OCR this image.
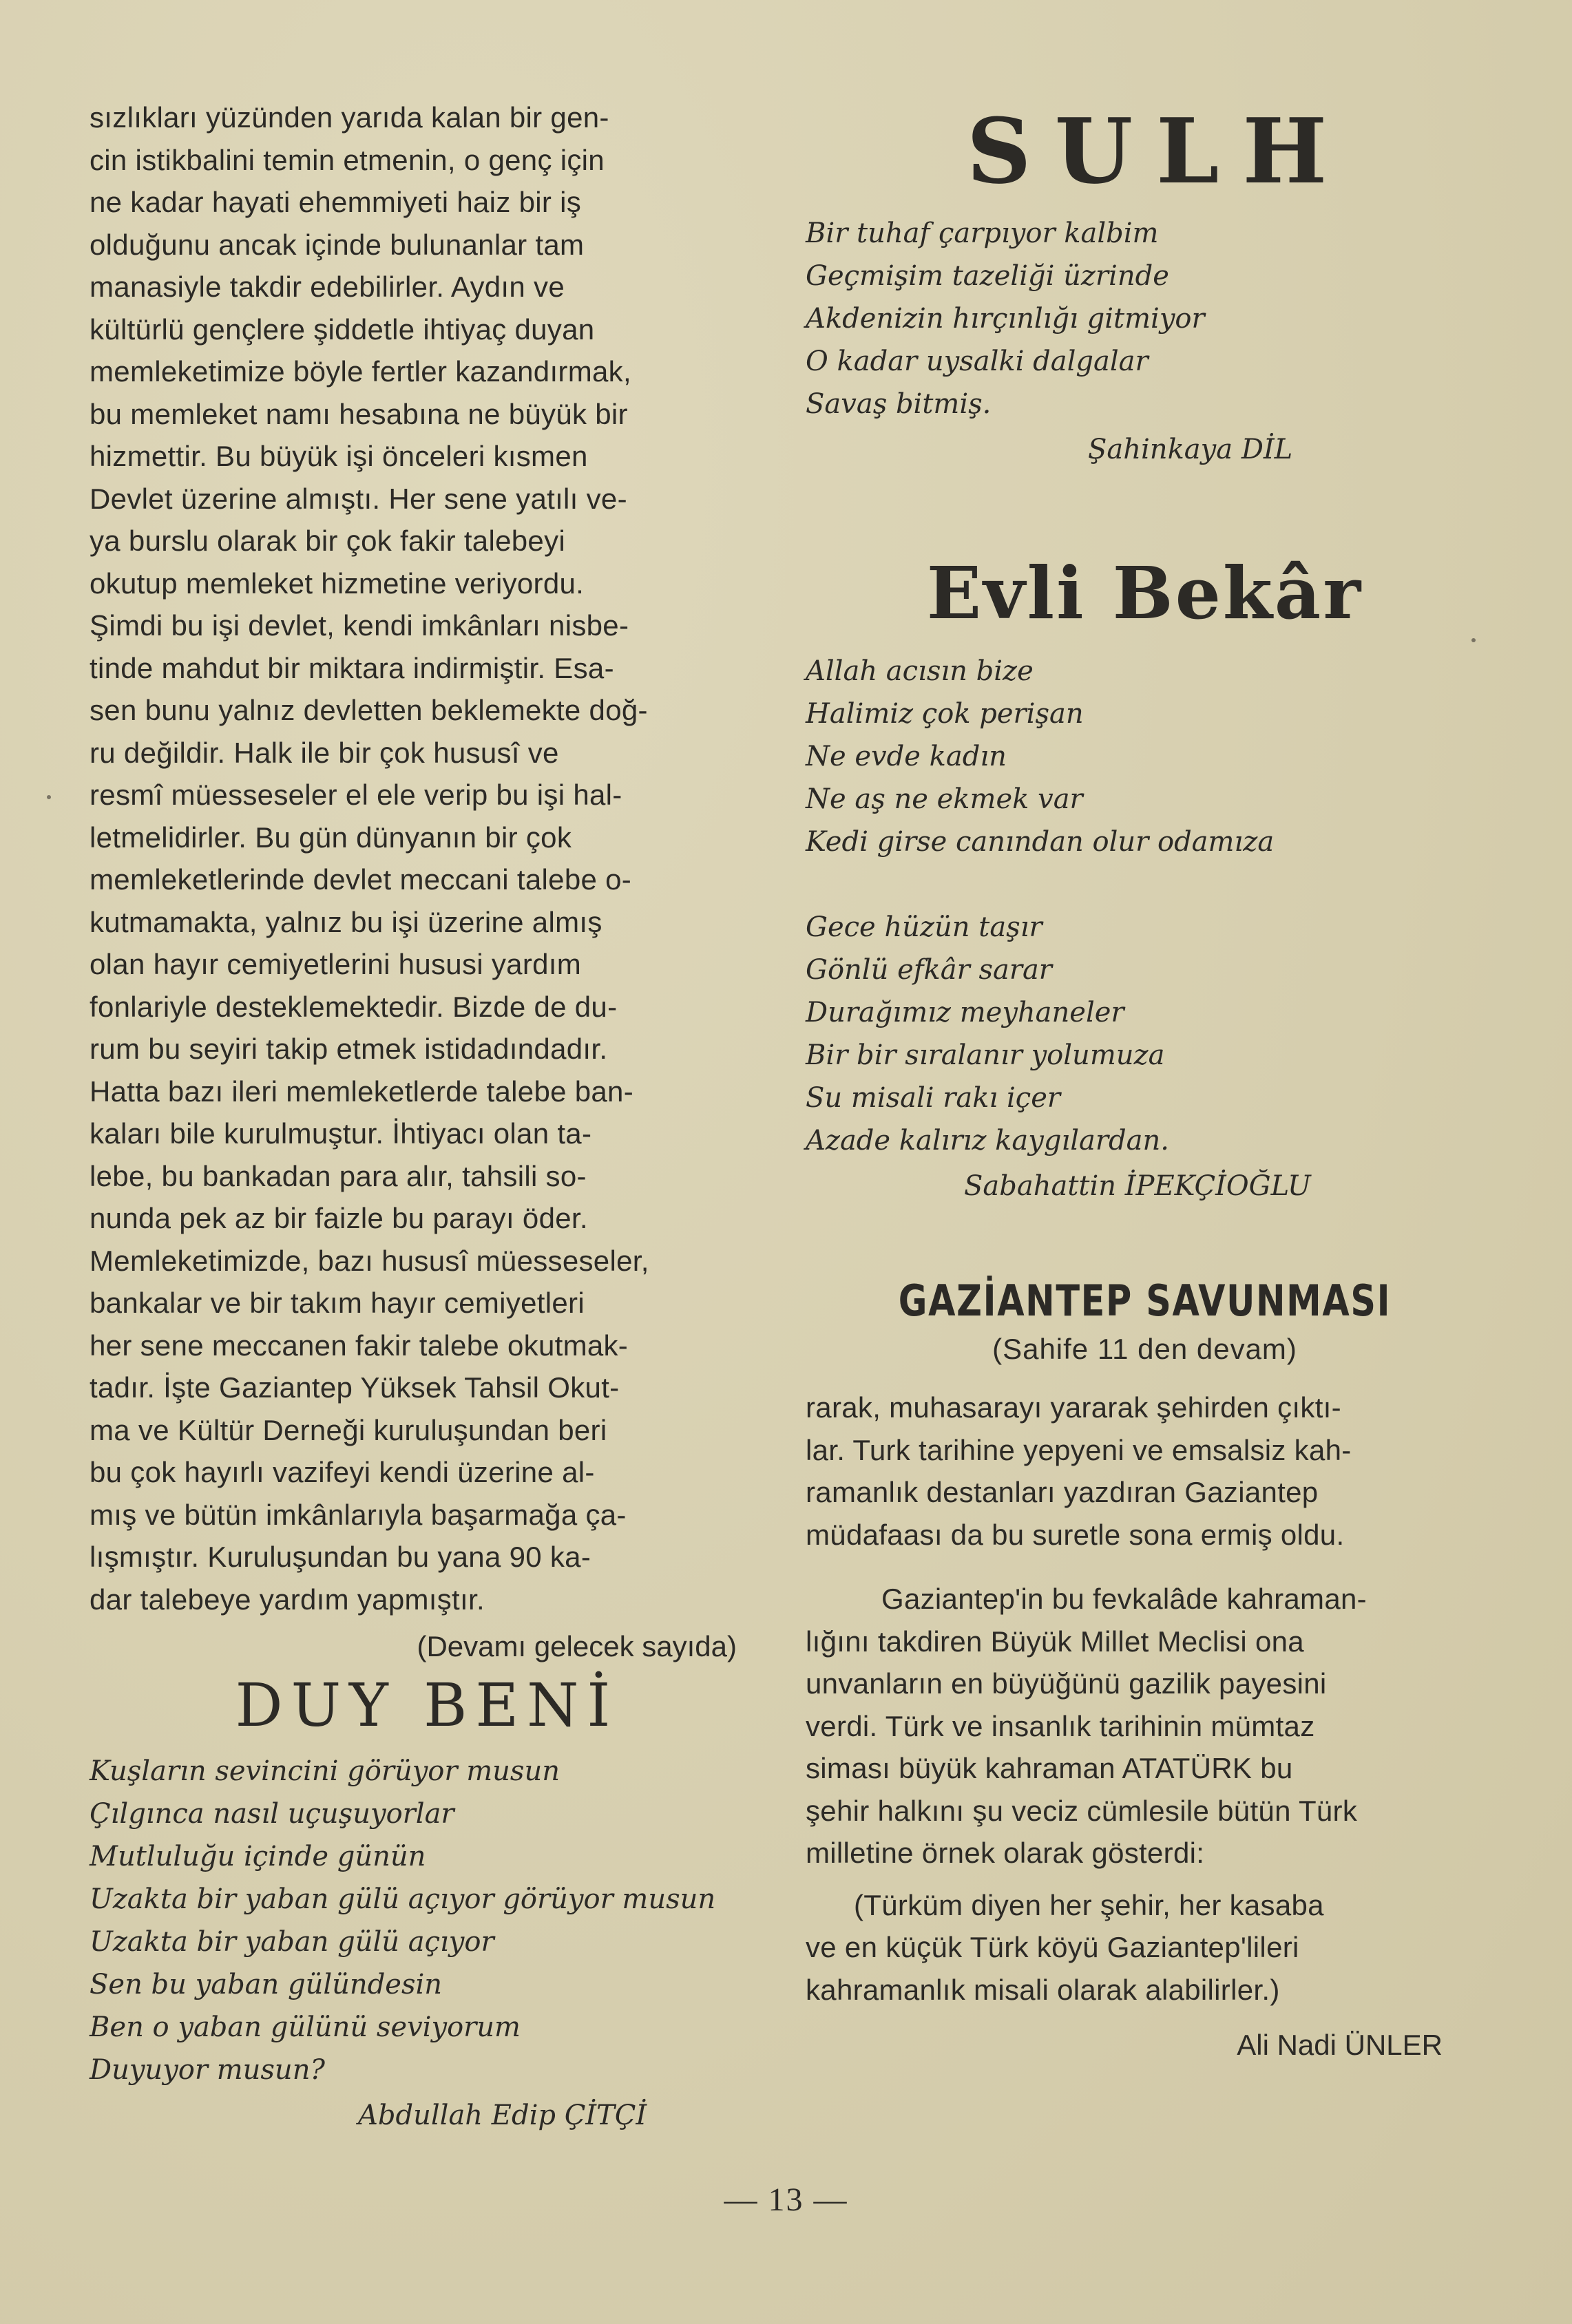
sızlıkları yüzünden yarıda kalan bir gen-

cin istikbalini temin etmenin, o genç için

ne kadar hayati ehemmiyeti haiz bir iş

olduğunu ancak içinde bulunanlar tam

manasiyle takdir edebilirler. Aydın ve

kültürlü gençlere şiddetle ihtiyaç duyan

memleketimize böyle fertler kazandırmak,

bu memleket namı hesabına ne büyük bir

hizmettir. Bu büyük işi önceleri kısmen

Devlet üzerine almıştı. Her sene yatılı ve-

ya burslu olarak bir çok fakir talebeyi

okutup memleket hizmetine veriyordu.

Şimdi bu işi devlet, kendi imkânları nisbe-

tinde mahdut bir miktara indirmiştir. Esa-

sen bunu yalnız devletten beklemekte doğ-

ru değildir. Halk ile bir çok hususî ve

resmî müesseseler el ele verip bu işi hal-

letmelidirler. Bu gün dünyanın bir çok

memleketlerinde devlet meccani talebe o-

kutmamakta, yalnız bu işi üzerine almış

olan hayır cemiyetlerini hususi yardım

fonlariyle desteklemektedir. Bizde de du-

rum bu seyiri takip etmek istidadındadır.

Hatta bazı ileri memleketlerde talebe ban-

kaları bile kurulmuştur. İhtiyacı olan ta-

lebe, bu bankadan para alır, tahsili so-

nunda pek az bir faizle bu parayı öder.

Memleketimizde, bazı hususî müesseseler,

bankalar ve bir takım hayır cemiyetleri

her sene meccanen fakir talebe okutmak-

tadır. İşte Gaziantep Yüksek Tahsil Okut-

ma ve Kültür Derneği kuruluşundan beri

bu çok hayırlı vazifeyi kendi üzerine al-

mış ve bütün imkânlarıyla başarmağa ça-

lışmıştır. Kuruluşundan bu yana 90 ka-

dar talebeye yardım yapmıştır.

(Devamı gelecek sayıda)
DUY BENİ

Kuşların sevincini görüyor musun

Çılgınca nasıl uçuşuyorlar

Mutluluğu içinde günün

Uzakta bir yaban gülü açıyor görüyor musun

Uzakta bir yaban gülü açıyor

Sen bu yaban gülündesin

Ben o yaban gülünü seviyorum

Duyuyor musun?

Abdullah Edip ÇİTÇİ

SULH

Bir tuhaf çarpıyor kalbim

Geçmişim tazeliği üzrinde

Akdenizin hırçınlığı gitmiyor

O kadar uysalki dalgalar

Savaş bitmiş.

Şahinkaya DİL

Evli Bekâr

Allah acısın bize

Halimiz çok perişan

Ne evde kadın

Ne aş ne ekmek var

Kedi girse canından olur odamıza

Gece hüzün taşır

Gönlü efkâr sarar

Durağımız meyhaneler

Bir bir sıralanır yolumuza

Su misali rakı içer

Azade kalırız kaygılardan.

Sabahattin İPEKÇİOĞLU

GAZİANTEP SAVUNMASI

(Sahife 11 den devam)

rarak, muhasarayı yararak şehirden çıktı-

lar. Turk tarihine yepyeni ve emsalsiz kah-

ramanlık destanları yazdıran Gaziantep

müdafaası da bu suretle sona ermiş oldu.

Gaziantep'in bu fevkalâde kahraman-

lığını takdiren Büyük Millet Meclisi ona

unvanların en büyüğünü gazilik payesini

verdi. Türk ve insanlık tarihinin mümtaz

siması büyük kahraman ATATÜRK bu

şehir halkını şu veciz cümlesile bütün Türk

milletine örnek olarak gösterdi:

(Türküm diyen her şehir, her kasaba

ve en küçük Türk köyü Gaziantep'lileri

kahramanlık misali olarak alabilirler.)

Ali Nadi ÜNLER

— 13 —
